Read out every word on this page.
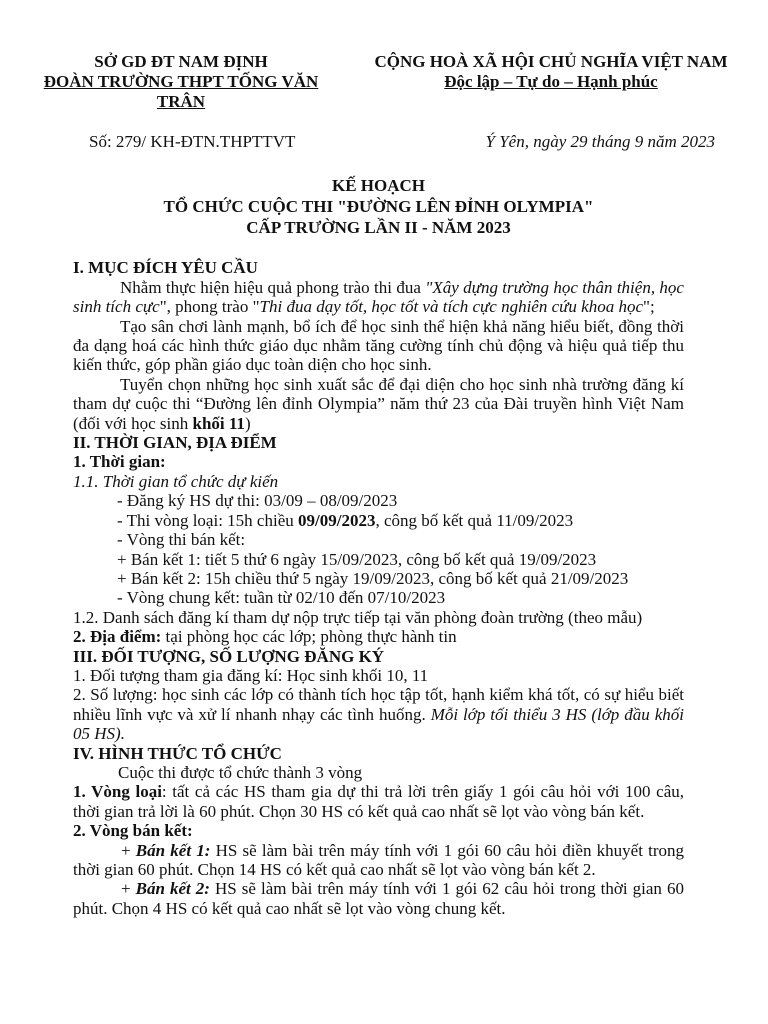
SỞ GD ĐT NAM ĐỊNH
ĐOÀN TRƯỜNG THPT TỐNG VĂN TRÂN
CỘNG HOÀ XÃ HỘI CHỦ NGHĨA VIỆT NAM
Độc lập – Tự do – Hạnh phúc
Số: 279/ KH-ĐTN.THPTTVT	Ý Yên, ngày 29 tháng 9 năm 2023
KẾ HOẠCH
TỔ CHỨC CUỘC THI "ĐƯỜNG LÊN ĐỈNH OLYMPIA"
CẤP TRƯỜNG LẦN II - NĂM 2023
I. MỤC ĐÍCH YÊU CẦU

Nhằm thực hiện hiệu quả phong trào thi đua "Xây dựng trường học thân thiện, học sinh tích cực", phong trào "Thi đua dạy tốt, học tốt và tích cực nghiên cứu khoa học";

Tạo sân chơi lành mạnh, bổ ích để học sinh thể hiện khả năng hiểu biết, đồng thời đa dạng hoá các hình thức giáo dục nhằm tăng cường tính chủ động và hiệu quả tiếp thu kiến thức, góp phần giáo dục toàn diện cho học sinh.

Tuyển chọn những học sinh xuất sắc để đại diện cho học sinh nhà trường đăng kí tham dự cuộc thi “Đường lên đỉnh Olympia” năm thứ 23 của Đài truyền hình Việt Nam (đối với học sinh khối 11)

II. THỜI GIAN, ĐỊA ĐIỂM
1. Thời gian:
1.1. Thời gian tổ chức dự kiến
- Đăng ký HS dự thi: 03/09 – 08/09/2023
- Thi vòng loại: 15h chiều 09/09/2023, công bố kết quả 11/09/2023
- Vòng thi bán kết:
+ Bán kết 1: tiết 5 thứ 6 ngày 15/09/2023, công bố kết quả 19/09/2023
+ Bán kết 2: 15h chiều thứ 5 ngày 19/09/2023, công bố kết quả 21/09/2023
- Vòng chung kết: tuần từ 02/10 đến 07/10/2023
1.2. Danh sách đăng kí tham dự nộp trực tiếp tại văn phòng đoàn trường (theo mẫu)
2. Địa điểm: tại phòng học các lớp; phòng thực hành tin
III. ĐỐI TƯỢNG, SỐ LƯỢNG ĐĂNG KÝ
1. Đối tượng tham gia đăng kí: Học sinh khối 10, 11

2. Số lượng: học sinh các lớp có thành tích học tập tốt, hạnh kiểm khá tốt, có sự hiểu biết nhiều lĩnh vực và xử lí nhanh nhạy các tình huống. Mỗi lớp tối thiểu 3 HS (lớp đầu khối 05 HS).

IV. HÌNH THỨC TỔ CHỨC
Cuộc thi được tổ chức thành 3 vòng

1. Vòng loại: tất cả các HS tham gia dự thi trả lời trên giấy 1 gói câu hỏi với 100 câu, thời gian trả lời là 60 phút. Chọn 30 HS có kết quả cao nhất sẽ lọt vào vòng bán kết.

2. Vòng bán kết:

+ Bán kết 1: HS sẽ làm bài trên máy tính với 1 gói 60 câu hỏi điền khuyết trong thời gian 60 phút. Chọn 14 HS có kết quả cao nhất sẽ lọt vào vòng bán kết 2.

+ Bán kết 2: HS sẽ làm bài trên máy tính với 1 gói 62 câu hỏi trong thời gian 60 phút. Chọn 4 HS có kết quả cao nhất sẽ lọt vào vòng chung kết.
